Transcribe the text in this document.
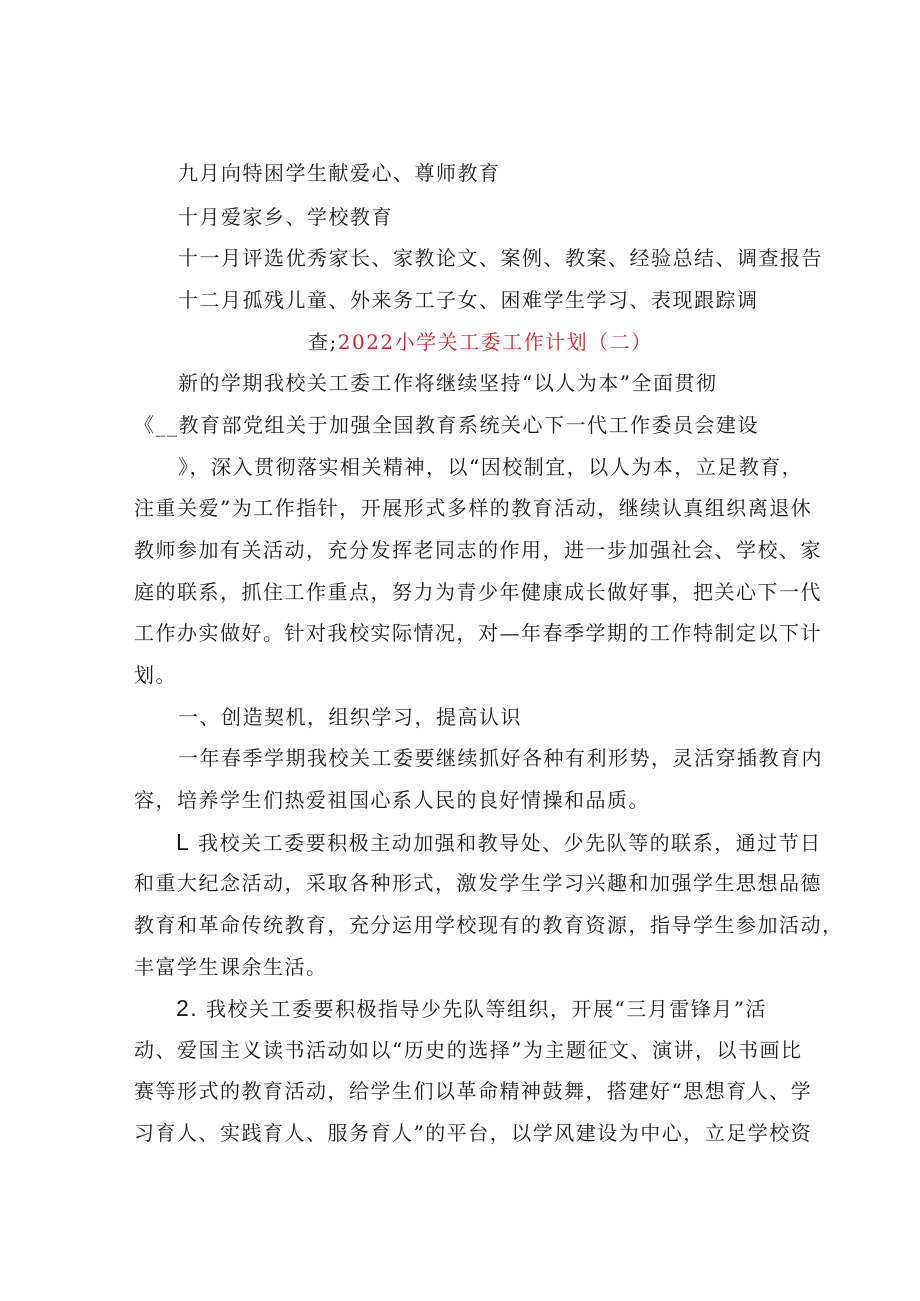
九月向特困学生献爱心、尊师教育

十月爱家乡、学校教育

十一月评选优秀家长、家教论文、案例、教案、经验总结、调查报告

十二月孤残儿童、外来务工子女、困难学生学习、表现跟踪调

查;2022小学关工委工作计划（二）

新的学期我校关工委工作将继续坚持“以人为本”全面贯彻

《__教育部党组关于加强全国教育系统关心下一代工作委员会建设

》，深入贯彻落实相关精神，以“因校制宜，以人为本，立足教育，

注重关爱”为工作指针，开展形式多样的教育活动，继续认真组织离退休

教师参加有关活动，充分发挥老同志的作用，进一步加强社会、学校、家

庭的联系，抓住工作重点，努力为青少年健康成长做好事，把关心下一代

工作办实做好。针对我校实际情况，对—年春季学期的工作特制定以下计

划。

一、创造契机，组织学习，提高认识

一年春季学期我校关工委要继续抓好各种有利形势，灵活穿插教育内

容，培养学生们热爱祖国心系人民的良好情操和品质。

L 我校关工委要积极主动加强和教导处、少先队等的联系，通过节日

和重大纪念活动，采取各种形式，激发学生学习兴趣和加强学生思想品德

教育和革命传统教育，充分运用学校现有的教育资源，指导学生参加活动，

丰富学生课余生活。

2. 我校关工委要积极指导少先队等组织，开展“三月雷锋月”活

动、爱国主义读书活动如以“历史的选择”为主题征文、演讲，以书画比

赛等形式的教育活动，给学生们以革命精神鼓舞，搭建好“思想育人、学

习育人、实践育人、服务育人”的平台，以学风建设为中心，立足学校资
